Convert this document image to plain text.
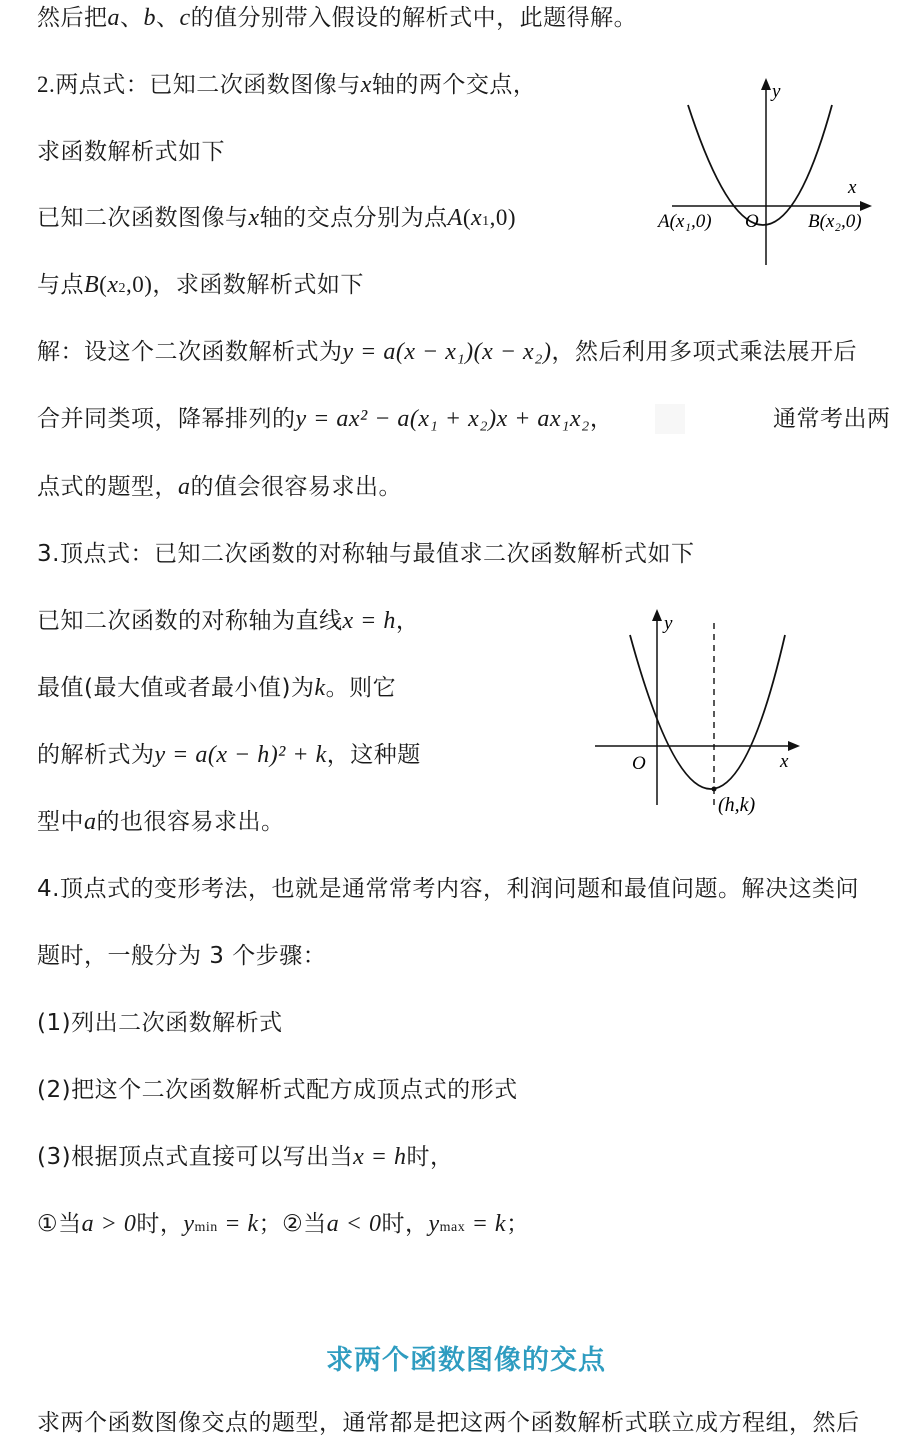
然后把a、b、c的值分别带入假设的解析式中，此题得解。
2.两点式：已知二次函数图像与x轴的两个交点，
求函数解析式如下
已知二次函数图像与x轴的交点分别为点A(x1,0)
与点B(x2,0)，求函数解析式如下
解：设这个二次函数解析式为y = a(x − x₁)(x − x₂)，然后利用多项式乘法展开后
合并同类项，降幂排列的y = ax² − a(x₁ + x₂)x + ax₁x₂，	通常考出两
点式的题型，a的值会很容易求出。
y
x
O
A(x₁,0)	B(x₂,0)
3.顶点式：已知二次函数的对称轴与最值求二次函数解析式如下
已知二次函数的对称轴为直线x = h，
最值(最大值或者最小值)为k。则它
的解析式为y = a(x − h)² + k，这种题
型中a的也很容易求出。
y
x
O
(h,k)
4.顶点式的变形考法，也就是通常常考内容，利润问题和最值问题。解决这类问
题时，一般分为 3 个步骤：
(1)列出二次函数解析式
(2)把这个二次函数解析式配方成顶点式的形式
(3)根据顶点式直接可以写出当x = h时，
①当a > 0时，ymin = k；②当a < 0时，ymax = k；
求两个函数图像的交点
求两个函数图像交点的题型，通常都是把这两个函数解析式联立成方程组，然后
